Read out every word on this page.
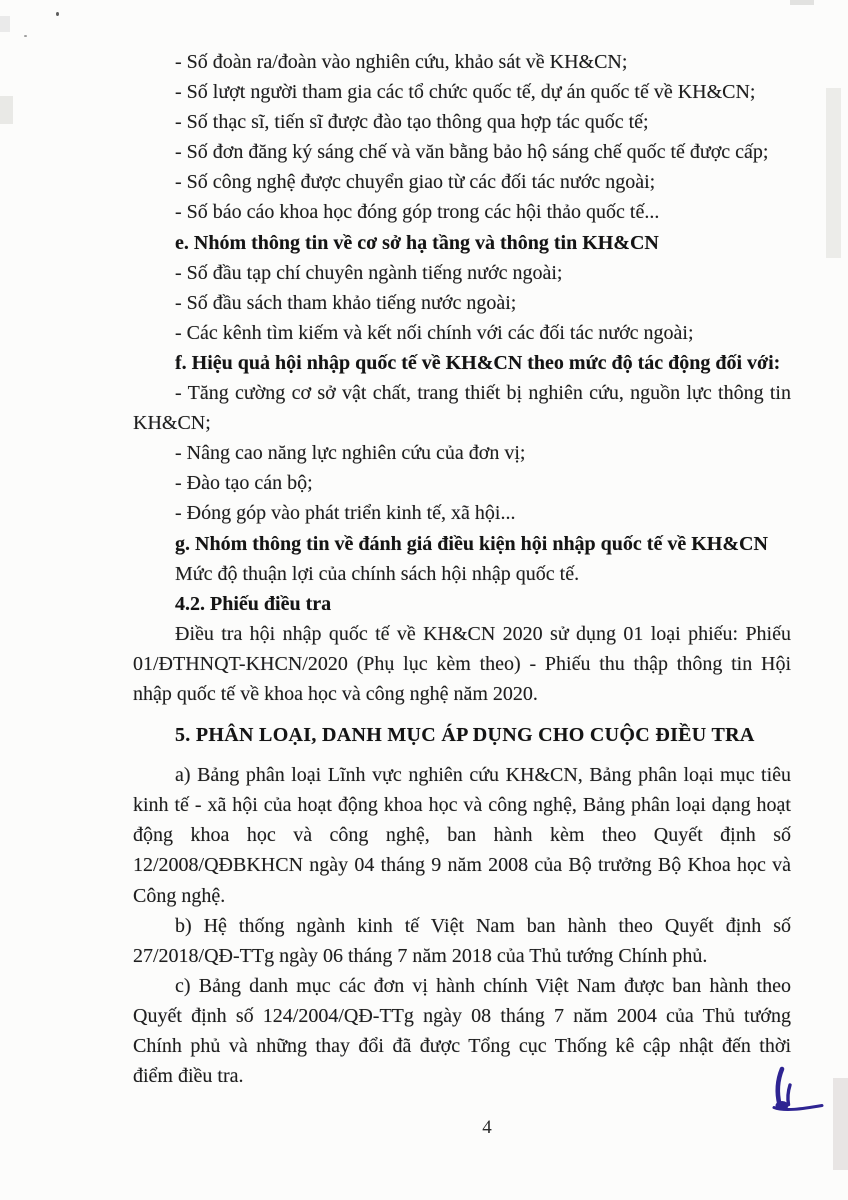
- Số đoàn ra/đoàn vào nghiên cứu, khảo sát về KH&CN;
- Số lượt người tham gia các tổ chức quốc tế, dự án quốc tế về KH&CN;
- Số thạc sĩ, tiến sĩ được đào tạo thông qua hợp tác quốc tế;
- Số đơn đăng ký sáng chế và văn bằng bảo hộ sáng chế quốc tế được cấp;
- Số công nghệ được chuyển giao từ các đối tác nước ngoài;
- Số báo cáo khoa học đóng góp trong các hội thảo quốc tế...
e. Nhóm thông tin về cơ sở hạ tầng và thông tin KH&CN
- Số đầu tạp chí chuyên ngành tiếng nước ngoài;
- Số đầu sách tham khảo tiếng nước ngoài;
- Các kênh tìm kiếm và kết nối chính với các đối tác nước ngoài;
f. Hiệu quả hội nhập quốc tế về KH&CN theo mức độ tác động đối với:
- Tăng cường cơ sở vật chất, trang thiết bị nghiên cứu, nguồn lực thông tin
KH&CN;
- Nâng cao năng lực nghiên cứu của đơn vị;
- Đào tạo cán bộ;
- Đóng góp vào phát triển kinh tế, xã hội...
g. Nhóm thông tin về đánh giá điều kiện hội nhập quốc tế về KH&CN
Mức độ thuận lợi của chính sách hội nhập quốc tế.
4.2. Phiếu điều tra
Điều tra hội nhập quốc tế về KH&CN 2020 sử dụng 01 loại phiếu: Phiếu
01/ĐTHNQT-KHCN/2020 (Phụ lục kèm theo) - Phiếu thu thập thông tin Hội
nhập quốc tế về khoa học và công nghệ năm 2020.
5. PHÂN LOẠI, DANH MỤC ÁP DỤNG CHO CUỘC ĐIỀU TRA
a) Bảng phân loại Lĩnh vực nghiên cứu KH&CN, Bảng phân loại mục tiêu
kinh tế - xã hội của hoạt động khoa học và công nghệ, Bảng phân loại dạng hoạt
động khoa học và công nghệ, ban hành kèm theo Quyết định số
12/2008/QĐBKHCN ngày 04 tháng 9 năm 2008 của Bộ trưởng Bộ Khoa học và
Công nghệ.
b) Hệ thống ngành kinh tế Việt Nam ban hành theo Quyết định số
27/2018/QĐ-TTg ngày 06 tháng 7 năm 2018 của Thủ tướng Chính phủ.
c) Bảng danh mục các đơn vị hành chính Việt Nam được ban hành theo
Quyết định số 124/2004/QĐ-TTg ngày 08 tháng 7 năm 2004 của Thủ tướng
Chính phủ và những thay đổi đã được Tổng cục Thống kê cập nhật đến thời
điểm điều tra.
4
